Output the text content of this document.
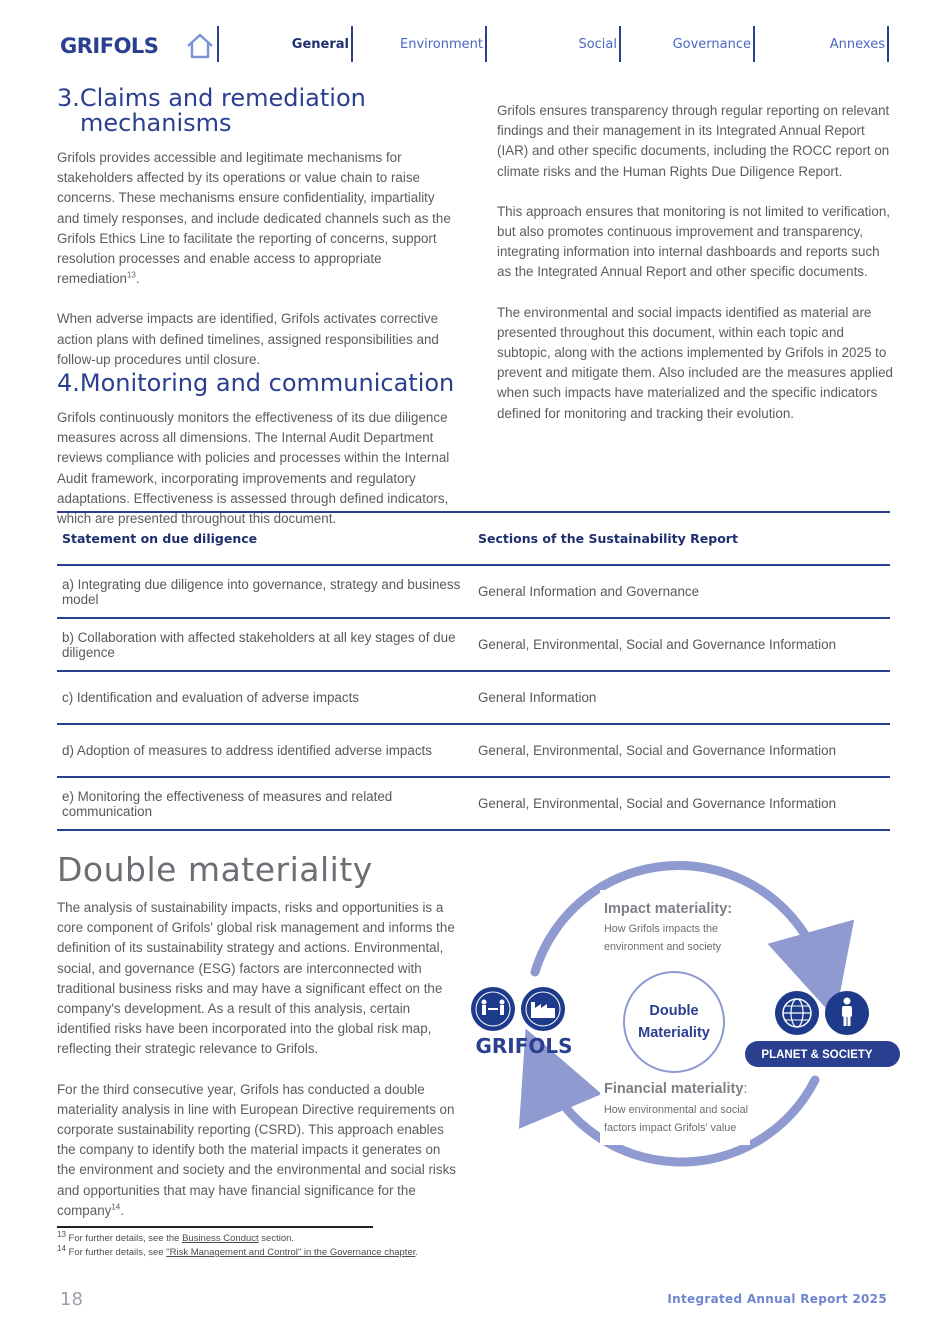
GRIFOLS	General	Environment	Social	Governance	Annexes
3.Claims and remediation
mechanisms

Grifols provides accessible and legitimate mechanisms for stakeholders affected by its operations or value chain to raise concerns. These mechanisms ensure confidentiality, impartiality and timely responses, and include dedicated channels such as the Grifols Ethics Line to facilitate the reporting of concerns, support resolution processes and enable access to appropriate remediation$^{13}$.

When adverse impacts are identified, Grifols activates corrective action plans with defined timelines, assigned responsibilities and follow-up procedures until closure.

4.Monitoring and communication

Grifols continuously monitors the effectiveness of its due diligence measures across all dimensions. The Internal Audit Department reviews compliance with policies and processes within the Internal Audit framework, incorporating improvements and regulatory adaptations. Effectiveness is assessed through defined indicators, which are presented throughout this document.

Grifols ensures transparency through regular reporting on relevant findings and their management in its Integrated Annual Report (IAR) and other specific documents, including the ROCC report on climate risks and the Human Rights Due Diligence Report.

This approach ensures that monitoring is not limited to verification, but also promotes continuous improvement and transparency, integrating information into internal dashboards and reports such as the Integrated Annual Report and other specific documents.

The environmental and social impacts identified as material are presented throughout this document, within each topic and subtopic, along with the actions implemented by Grifols in 2025 to prevent and mitigate them. Also included are the measures applied when such impacts have materialized and the specific indicators defined for monitoring and tracking their evolution.

Statement on due diligence	Sections of the Sustainability Report
a) Integrating due diligence into governance, strategy and business model	General Information and Governance
b) Collaboration with affected stakeholders at all key stages of due diligence	General, Environmental, Social and Governance Information
c) Identification and evaluation of adverse impacts	General Information
d) Adoption of measures to address identified adverse impacts	General, Environmental, Social and Governance Information
e) Monitoring the effectiveness of measures and related communication	General, Environmental, Social and Governance Information
Double materiality

The analysis of sustainability impacts, risks and opportunities is a core component of Grifols' global risk management and informs the definition of its sustainability strategy and actions. Environmental, social, and governance (ESG) factors are interconnected with traditional business risks and may have a significant effect on the company's development. As a result of this analysis, certain identified risks have been incorporated into the global risk map, reflecting their strategic relevance to Grifols.

For the third consecutive year, Grifols has conducted a double materiality analysis in line with European Directive requirements on corporate sustainability reporting (CSRD). This approach enables the company to identify both the material impacts it generates on the environment and society and the environmental and social risks and opportunities that may have financial significance for the company$^{14}$.

Double
Materiality
Impact materiality:
How Grifols impacts the
environment and society
Financial materiality:
How environmental and social
factors impact Grifols' value
GRIFOLS	PLANET & SOCIETY
$^{13}$ For further details, see the Business Conduct section.
$^{14}$ For further details, see "Risk Management and Control" in the Governance chapter.
18	Integrated Annual Report 2025
